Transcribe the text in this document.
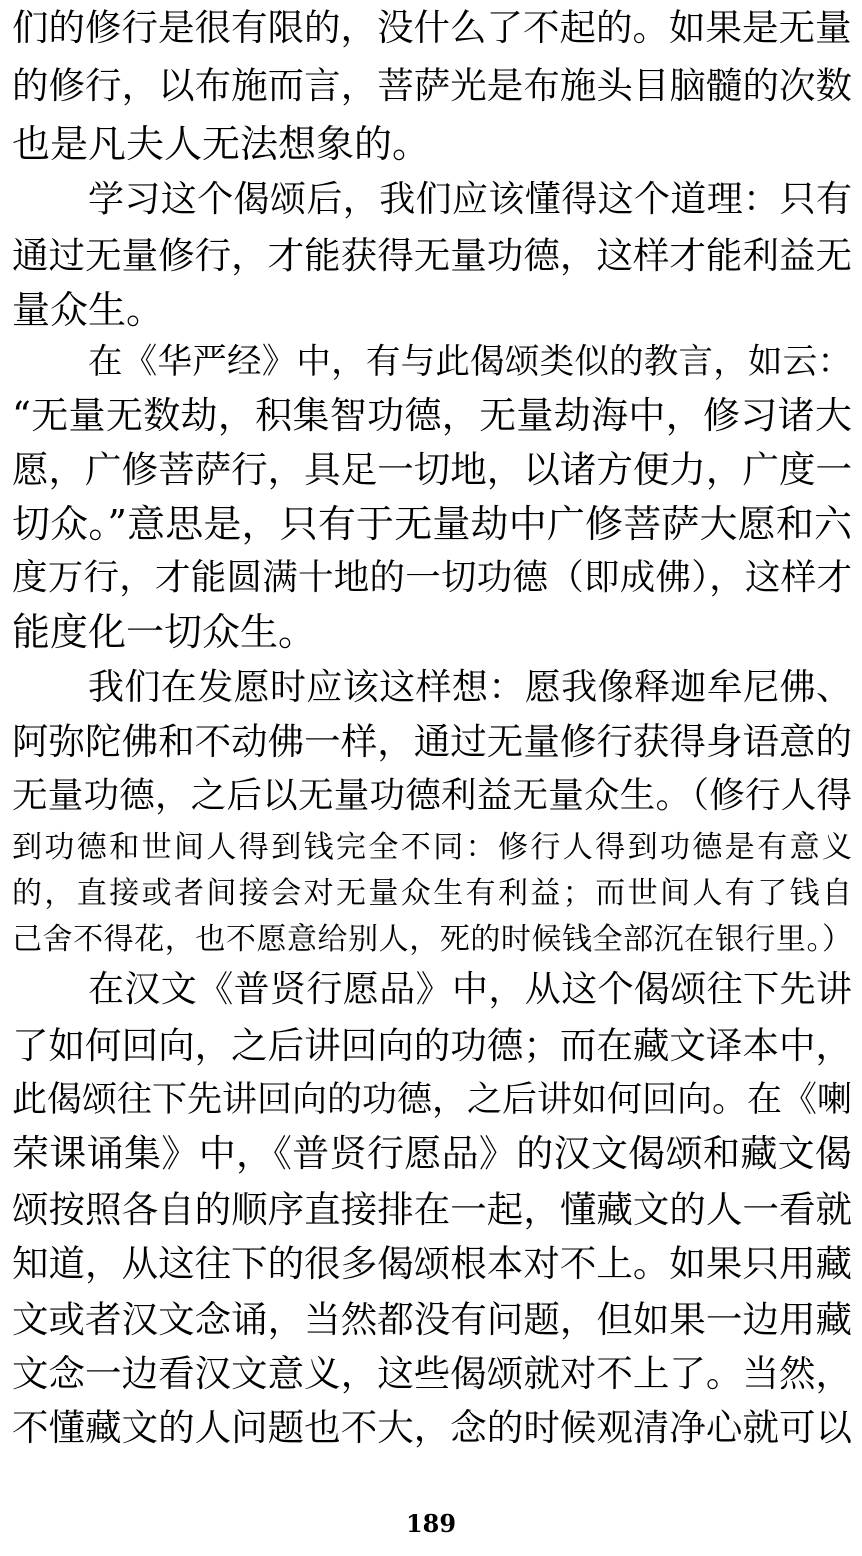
们的修行是很有限的，没什么了不起的。如果是无量
的修行，以布施而言，菩萨光是布施头目脑髓的次数
也是凡夫人无法想象的。
学习这个偈颂后，我们应该懂得这个道理：只有
通过无量修行，才能获得无量功德，这样才能利益无
量众生。
在《华严经》中，有与此偈颂类似的教言，如云：
“无量无数劫，积集智功德，无量劫海中，修习诸大
愿，广修菩萨行，具足一切地，以诸方便力，广度一
切众。”意思是，只有于无量劫中广修菩萨大愿和六
度万行，才能圆满十地的一切功德（即成佛），这样才
能度化一切众生。
我们在发愿时应该这样想：愿我像释迦牟尼佛、
阿弥陀佛和不动佛一样，通过无量修行获得身语意的
无量功德，之后以无量功德利益无量众生。（修行人得
到功德和世间人得到钱完全不同：修行人得到功德是有意义
的，直接或者间接会对无量众生有利益；而世间人有了钱自
己舍不得花，也不愿意给别人，死的时候钱全部沉在银行里。）
在汉文《普贤行愿品》中，从这个偈颂往下先讲
了如何回向，之后讲回向的功德；而在藏文译本中，
此偈颂往下先讲回向的功德，之后讲如何回向。在《喇
荣课诵集》中，《普贤行愿品》的汉文偈颂和藏文偈
颂按照各自的顺序直接排在一起，懂藏文的人一看就
知道，从这往下的很多偈颂根本对不上。如果只用藏
文或者汉文念诵，当然都没有问题，但如果一边用藏
文念一边看汉文意义，这些偈颂就对不上了。当然，
不懂藏文的人问题也不大，念的时候观清净心就可以
189
